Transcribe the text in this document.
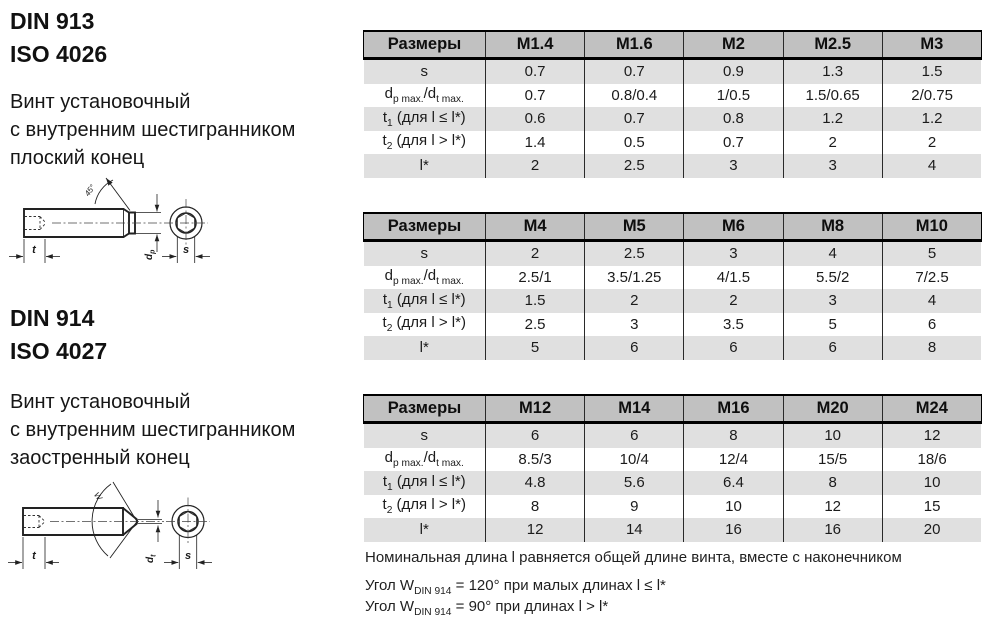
DIN 913
ISO 4026
Винт установочный
с внутренним шестигранником
плоский конец
45°
t
$d_p$ s
DIN 914
ISO 4027
Винт установочный
с внутренним шестигранником
заостренный конец
W
t	$d_t$ s
Размеры	M1.4	M1.6	M2	M2.5	M3
s	0.7	0.7	0.9	1.3	1.5
$d_{p max.}/d_{t max.}$	0.7	0.8/0.4	1/0.5	1.5/0.65	2/0.75
$t_1$ (для l ≤ l*)	0.6	0.7	0.8	1.2	1.2
$t_2$ (для l > l*)	1.4	0.5	0.7	2	2
l*	2	2.5	3	3	4
Размеры	M4	M5	M6	M8	M10
s	2	2.5	3	4	5
$d_{p max.}/d_{t max.}$	2.5/1	3.5/1.25	4/1.5	5.5/2	7/2.5
$t_1$ (для l ≤ l*)	1.5	2	2	3	4
$t_2$ (для l > l*)	2.5	3	3.5	5	6
l*	5	6	6	6	8
Размеры	M12	M14	M16	M20	M24
s	6	6	8	10	12
$d_{p max.}/d_{t max.}$	8.5/3	10/4	12/4	15/5	18/6
$t_1$ (для l ≤ l*)	4.8	5.6	6.4	8	10
$t_2$ (для l > l*)	8	9	10	12	15
l*	12	14	16	16	20
Номинальная длина l равняется общей длине винта, вместе с наконечником
Угол $W_{DIN 914} = 120^\circ$ при малых длинах l ≤ l*
Угол $W_{DIN 914} = 90^\circ$ при длинах l > l*
